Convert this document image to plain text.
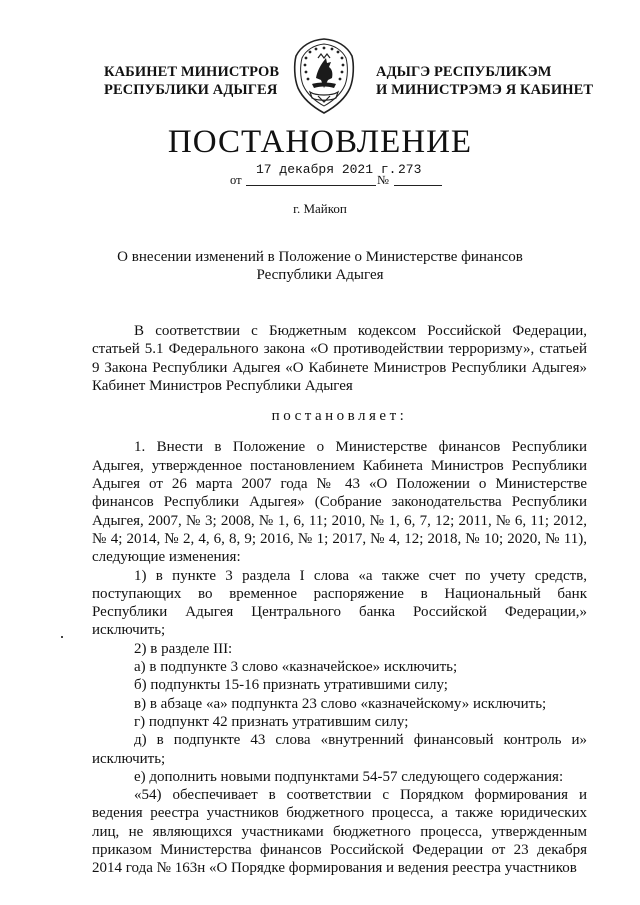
КАБИНЕТ МИНИСТРОВ
РЕСПУБЛИКИ АДЫГЕЯ
АДЫГЭ РЕСПУБЛИКЭМ
И МИНИСТРЭМЭ Я КАБИНЕТ
ПОСТАНОВЛЕНИЕ
от
17 декабря 2021 г.
№
273
г. Майкоп
О внесении изменений в Положение о Министерстве финансов
Республики Адыгея

В соответствии с Бюджетным кодексом Российской Федерации, статьей 5.1 Федерального закона «О противодействии терроризму», статьей 9 Закона Республики Адыгея «О Кабинете Министров Республики Адыгея» Кабинет Министров Республики Адыгея

постановляет:

1. Внести в Положение о Министерстве финансов Республики Адыгея, утвержденное постановлением Кабинета Министров Республики Адыгея от 26 марта 2007 года № 43 «О Положении о Министерстве финансов Республики Адыгея» (Собрание законодательства Республики Адыгея, 2007, № 3; 2008, № 1, 6, 11; 2010, № 1, 6, 7, 12; 2011, № 6, 11; 2012, № 4; 2014, № 2, 4, 6, 8, 9; 2016, № 1; 2017, № 4, 12; 2018, № 10; 2020, № 11), следующие изменения:

1) в пункте 3 раздела I слова «а также счет по учету средств, поступающих во временное распоряжение в Национальный банк Республики Адыгея Центрального банка Российской Федерации,» исключить;

2) в разделе III:

а) в подпункте 3 слово «казначейское» исключить;

б) подпункты 15-16 признать утратившими силу;

в) в абзаце «а» подпункта 23 слово «казначейскому» исключить;

г) подпункт 42 признать утратившим силу;

д) в подпункте 43 слова «внутренний финансовый контроль и» исключить;

е) дополнить новыми подпунктами 54-57 следующего содержания:

«54) обеспечивает в соответствии с Порядком формирования и ведения реестра участников бюджетного процесса, а также юридических лиц, не являющихся участниками бюджетного процесса, утвержденным приказом Министерства финансов Российской Федерации от 23 декабря 2014 года № 163н «О Порядке формирования и ведения реестра участников
